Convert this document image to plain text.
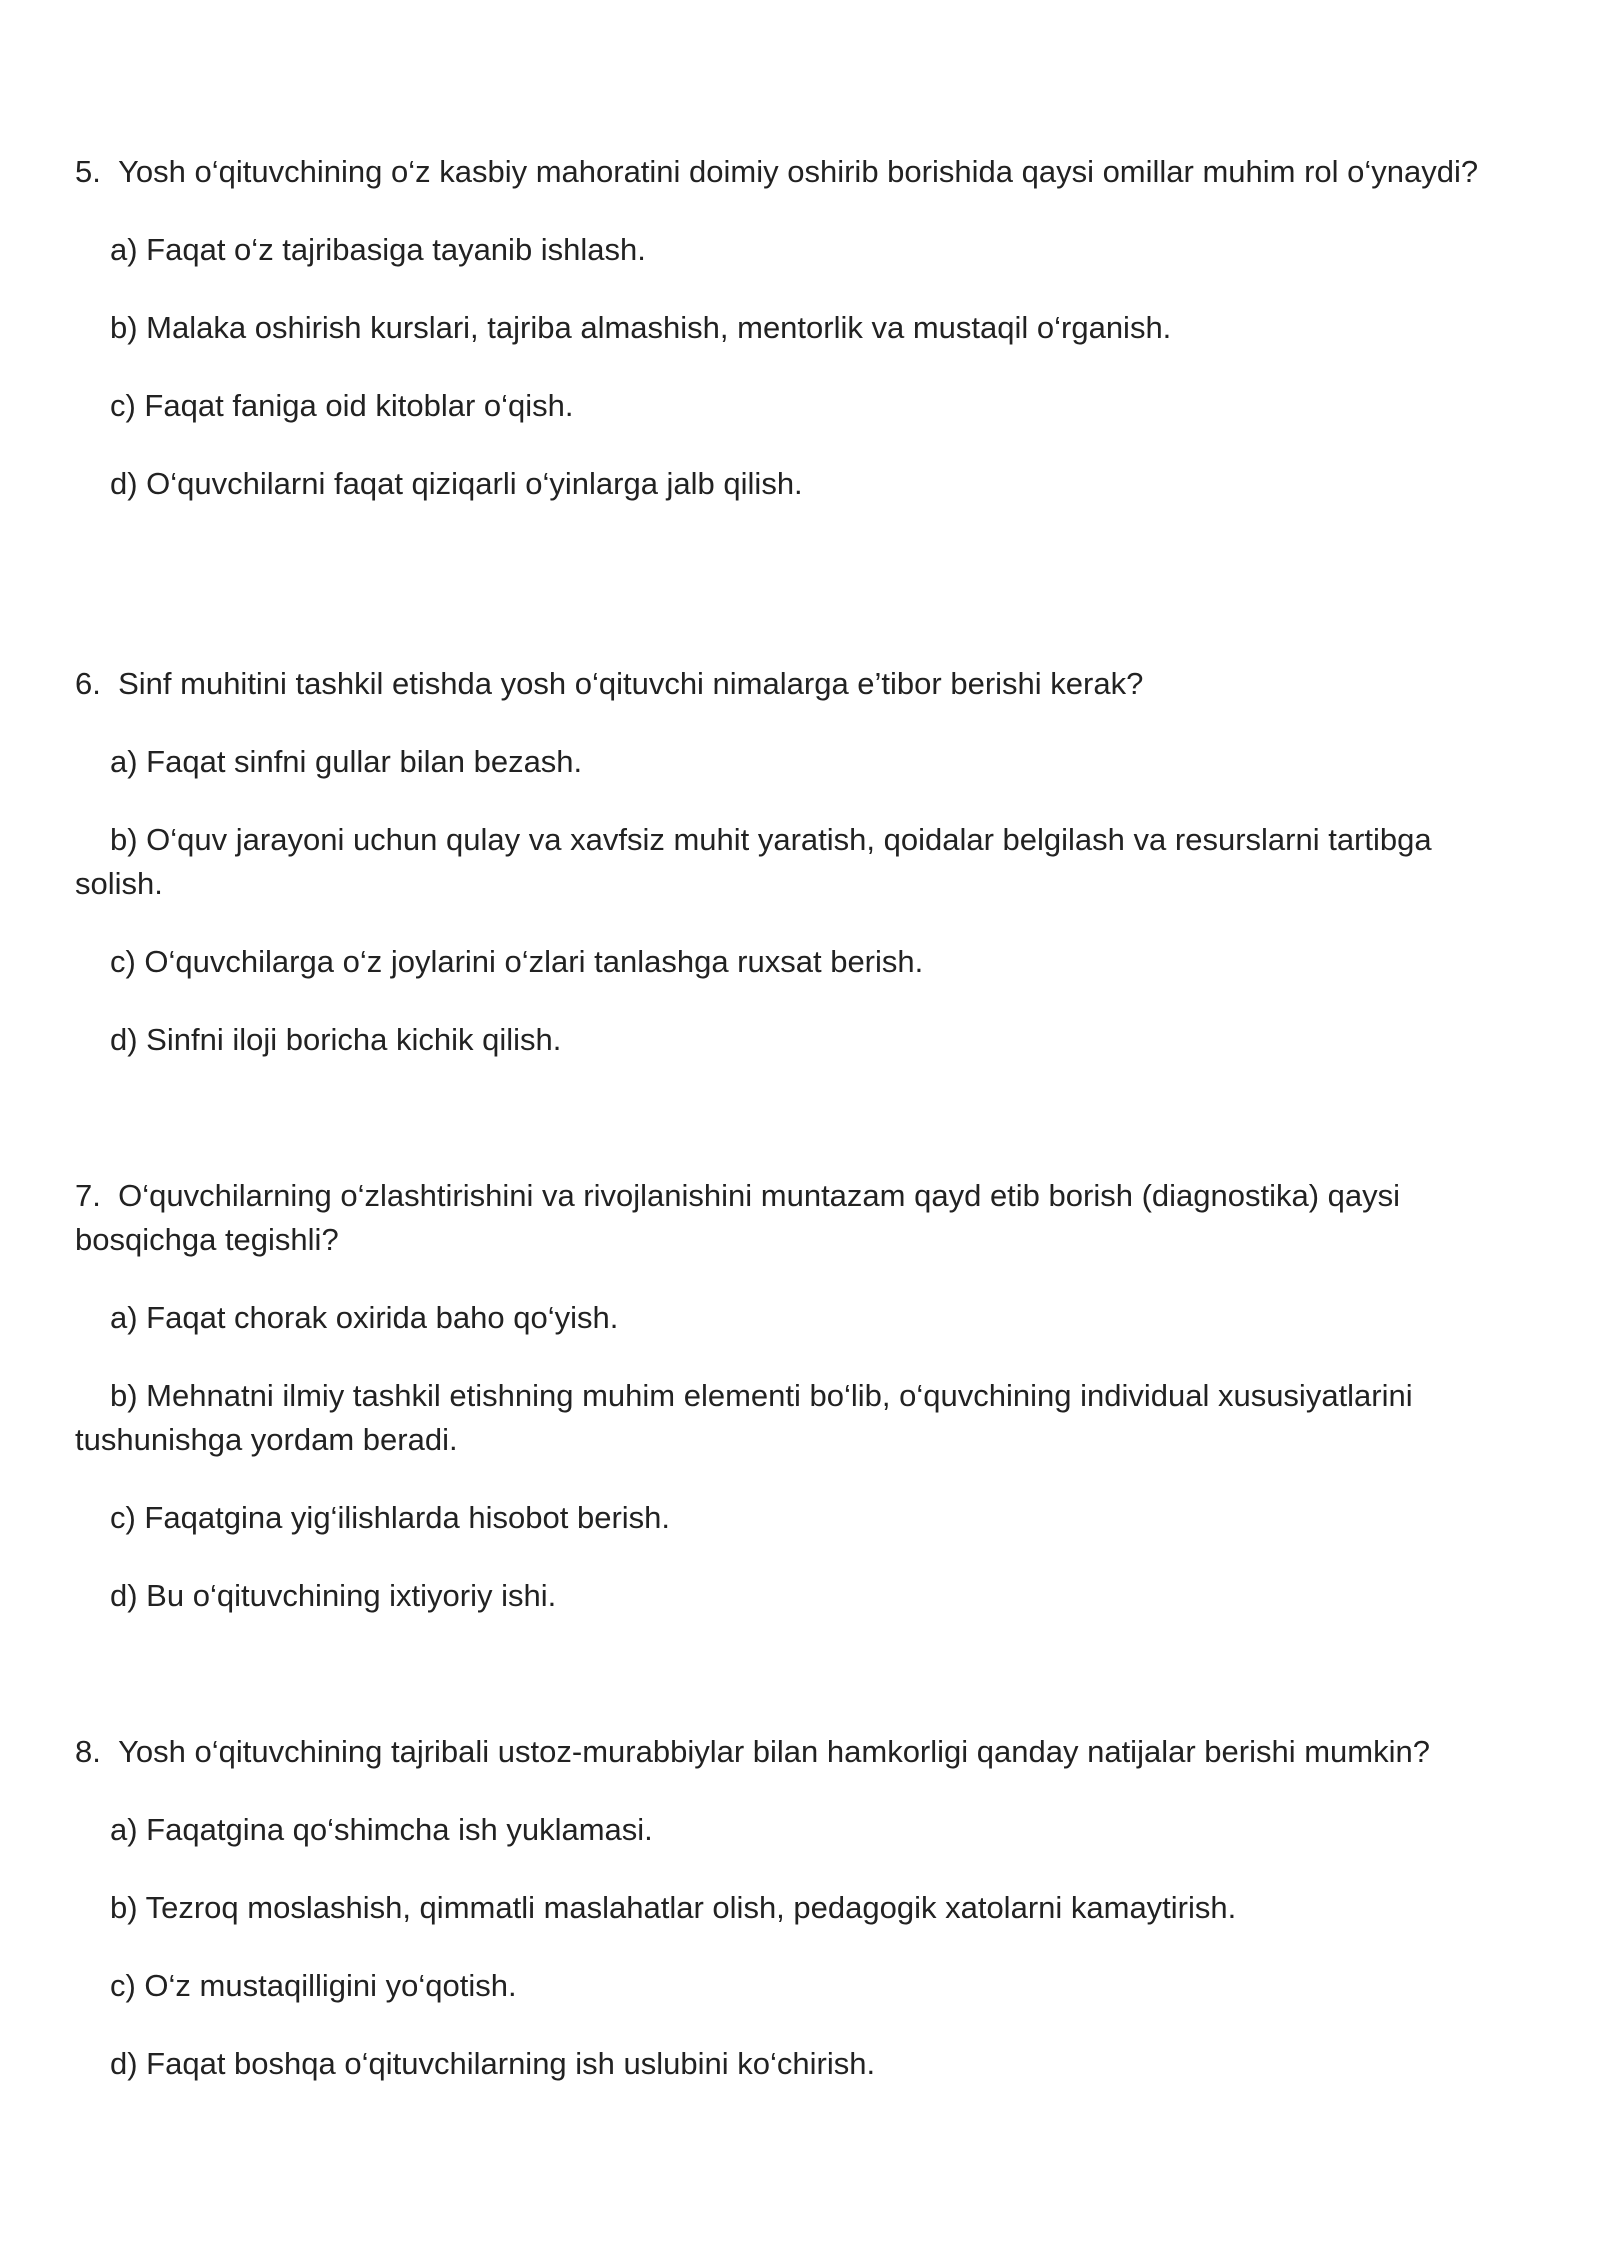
5. Yosh o‘qituvchining o‘z kasbiy mahoratini doimiy oshirib borishida qaysi omillar muhim rol o‘ynaydi?

a) Faqat o‘z tajribasiga tayanib ishlash.

b) Malaka oshirish kurslari, tajriba almashish, mentorlik va mustaqil o‘rganish.

c) Faqat faniga oid kitoblar o‘qish.

d) O‘quvchilarni faqat qiziqarli o‘yinlarga jalb qilish.

6. Sinf muhitini tashkil etishda yosh o‘qituvchi nimalarga e’tibor berishi kerak?

a) Faqat sinfni gullar bilan bezash.

b) O‘quv jarayoni uchun qulay va xavfsiz muhit yaratish, qoidalar belgilash va resurslarni tartibga solish.

c) O‘quvchilarga o‘z joylarini o‘zlari tanlashga ruxsat berish.

d) Sinfni iloji boricha kichik qilish.

7. O‘quvchilarning o‘zlashtirishini va rivojlanishini muntazam qayd etib borish (diagnostika) qaysi bosqichga tegishli?

a) Faqat chorak oxirida baho qo‘yish.

b) Mehnatni ilmiy tashkil etishning muhim elementi bo‘lib, o‘quvchining individual xususiyatlarini tushunishga yordam beradi.

c) Faqatgina yig‘ilishlarda hisobot berish.

d) Bu o‘qituvchining ixtiyoriy ishi.

8. Yosh o‘qituvchining tajribali ustoz-murabbiylar bilan hamkorligi qanday natijalar berishi mumkin?

a) Faqatgina qo‘shimcha ish yuklamasi.

b) Tezroq moslashish, qimmatli maslahatlar olish, pedagogik xatolarni kamaytirish.

c) O‘z mustaqilligini yo‘qotish.

d) Faqat boshqa o‘qituvchilarning ish uslubini ko‘chirish.
